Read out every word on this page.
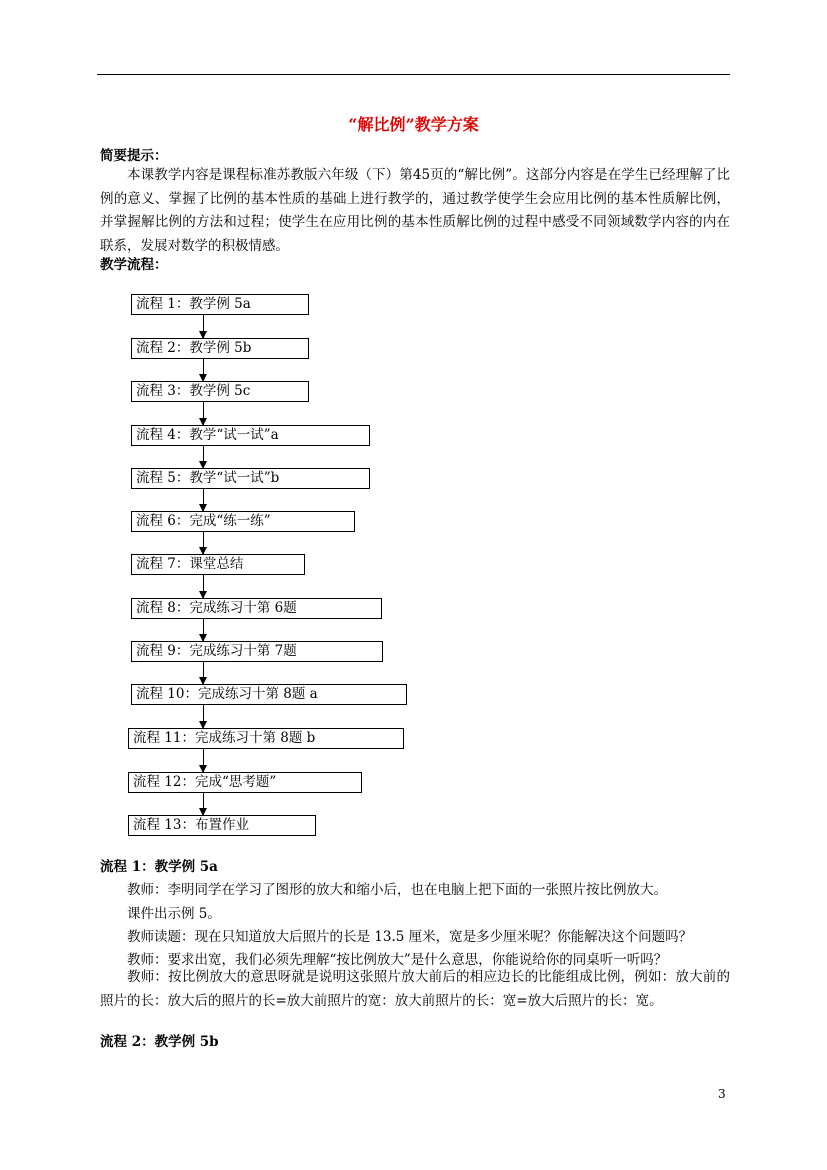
“解比例”教学方案
简要提示：
本课教学内容是课程标准苏教版六年级（下）第45页的“解比例”。这部分内容是在学生已经理解了比例的意义、掌握了比例的基本性质的基础上进行教学的，通过教学使学生会应用比例的基本性质解比例，并掌握解比例的方法和过程；使学生在应用比例的基本性质解比例的过程中感受不同领域数学内容的内在联系，发展对数学的积极情感。
教学流程：
流程 1：教学例 5a
流程 2：教学例 5b
流程 3：教学例 5c
流程 4：教学“试一试”a
流程 5：教学“试一试”b
流程 6：完成“练一练”
流程 7：课堂总结
流程 8：完成练习十第 6题
流程 9：完成练习十第 7题
流程 10：完成练习十第 8题 a
流程 11：完成练习十第 8题 b
流程 12：完成“思考题”
流程 13：布置作业
流程 1：教学例 5a
教师：李明同学在学习了图形的放大和缩小后，也在电脑上把下面的一张照片按比例放大。
课件出示例 5。
教师读题：现在只知道放大后照片的长是 13.5 厘米，宽是多少厘米呢？你能解决这个问题吗？
教师：要求出宽，我们必须先理解“按比例放大”是什么意思，你能说给你的同桌听一听吗？
教师：按比例放大的意思呀就是说明这张照片放大前后的相应边长的比能组成比例，例如：放大前的照片的长：放大后的照片的长=放大前照片的宽：放大前照片的长：宽=放大后照片的长：宽。
流程 2：教学例 5b
3
